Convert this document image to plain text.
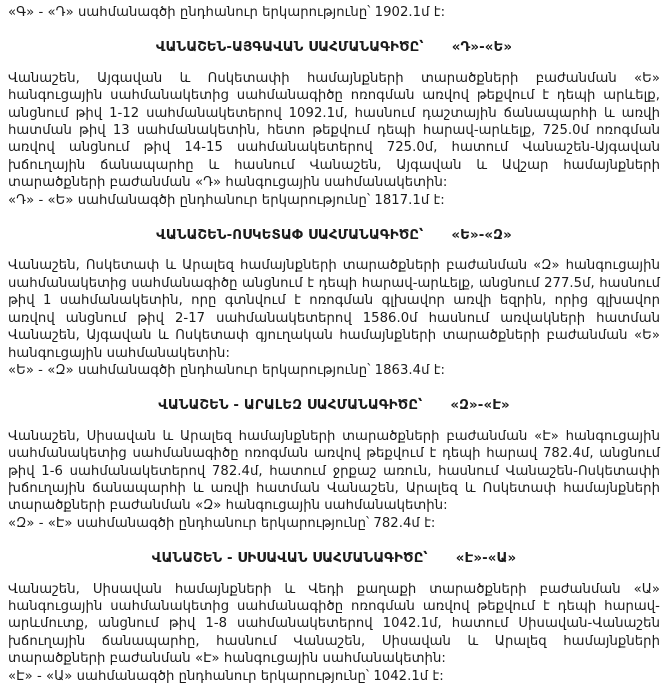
«Գ» - «Դ» սահմանագծի ընդհանուր երկարությունը՝ 1902.1մ է:

ՎԱՆԱՇԵՆ-ԱՅԳԱՎԱՆ ՍԱՀՄԱՆԱԳԻԾԸ՝ «Դ»-«Ե»

Վանաշեն, Այգավան և Ոսկետափի համայնքների տարածքների բաժանման «Ե» հանգուցային սահմանակետից սահմանագիծը ոռոգման առվով թեքվում է դեպի արևելք, անցնում թիվ 1-12 սահմանակետերով 1092.1մ, հասնում դաշտային ճանապարհի և առվի հատման թիվ 13 սահմանակետին, հետո թեքվում դեպի հարավ-արևելք, 725.0մ ոռոգման առվով անցնում թիվ 14-15 սահմանակետերով 725.0մ, հատում Վանաշեն-Այգավան խճուղային ճանապարհը և հասնում Վանաշեն, Այգավան և Ավշար համայնքների տարածքների բաժանման «Դ» հանգուցային սահմանակետին:

«Դ» - «Ե» սահմանագծի ընդհանուր երկարությունը՝ 1817.1մ է:

ՎԱՆԱՇԵՆ-ՈՍԿԵՏԱՓ ՍԱՀՄԱՆԱԳԻԾԸ՝ «Ե»-«Զ»

Վանաշեն, Ոսկետափ և Արալեզ համայնքների տարածքների բաժանման «Զ» հանգուցային սահմանակետից սահմանագիծը անցնում է դեպի հարավ-արևելք, անցնում 277.5մ, հասնում թիվ 1 սահմանակետին, որը գտնվում է ոռոգման գլխավոր առվի եզրին, որից գլխավոր առվով անցնում թիվ 2-17 սահմանակետերով 1586.0մ հասնում առվակների հատման Վանաշեն, Այգավան և Ոսկետափ գյուղական համայնքների տարածքների բաժանման «Ե» հանգուցային սահմանակետին:

«Ե» - «Զ» սահմանագծի ընդհանուր երկարությունը՝ 1863.4մ է:

ՎԱՆԱՇԵՆ - ԱՐԱԼԵԶ ՍԱՀՄԱՆԱԳԻԾԸ՝ «Զ»-«Է»

Վանաշեն, Սիսավան և Արալեզ համայնքների տարածքների բաժանման «Է» հանգուցային սահմանակետից սահմանագիծը ոռոգման առվով թեքվում է դեպի հարավ 782.4մ, անցնում թիվ 1-6 սահմանակետերով 782.4մ, հատում ջրքաշ առուն, հասնում Վանաշեն-Ոսկետափի խճուղային ճանապարհի և առվի հատման Վանաշեն, Արալեզ և Ոսկետափ համայնքների տարածքների բաժանման «Զ» հանգուցային սահմանակետին:

«Զ» - «Է» սահմանագծի ընդհանուր երկարությունը՝ 782.4մ է:

ՎԱՆԱՇԵՆ - ՍԻՍԱՎԱՆ ՍԱՀՄԱՆԱԳԻԾԸ՝ «Է»-«Ա»

Վանաշեն, Սիսավան համայնքների և Վեդի քաղաքի տարածքների բաժանման «Ա» հանգուցային սահմանակետից սահմանագիծը ոռոգման առվով թեքվում է դեպի հարավ-արևմուտք, անցնում թիվ 1-8 սահմանակետերով 1042.1մ, հատում Սիսավան-Վանաշեն խճուղային ճանապարհը, հասնում Վանաշեն, Սիսավան և Արալեզ համայնքների տարածքների բաժանման «Է» հանգուցային սահմանակետին:

«Է» - «Ա» սահմանագծի ընդհանուր երկարությունը՝ 1042.1մ է:
